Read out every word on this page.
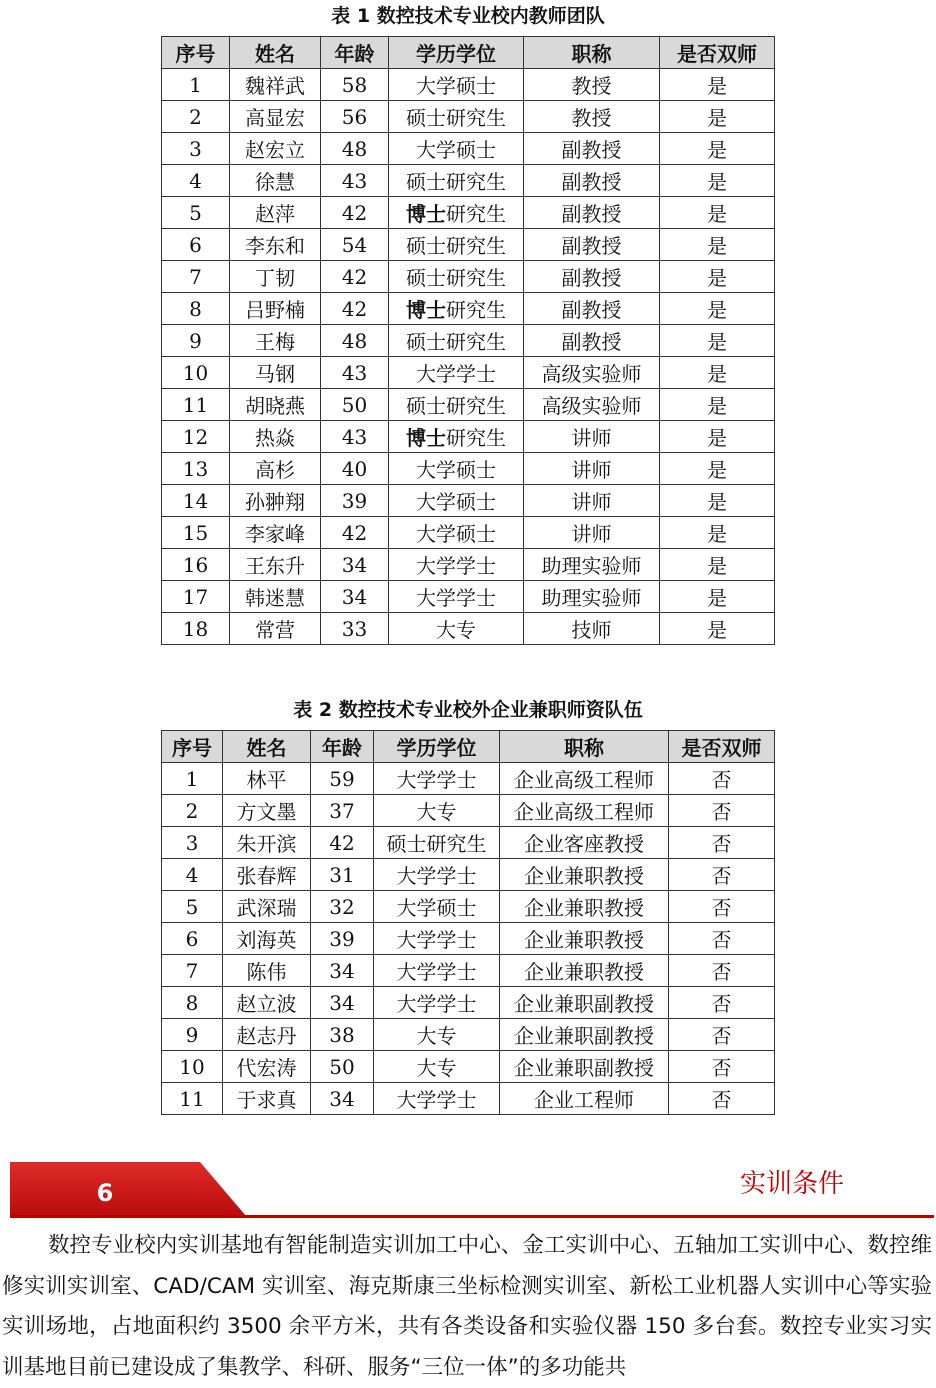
表 1 数控技术专业校内教师团队
序号	姓名	年龄	学历学位	职称	是否双师
1	魏祥武	58	大学硕士	教授	是
2	高显宏	56	硕士研究生	教授	是
3	赵宏立	48	大学硕士	副教授	是
4	徐慧	43	硕士研究生	副教授	是
5	赵萍	42	博士研究生	副教授	是
6	李东和	54	硕士研究生	副教授	是
7	丁韧	42	硕士研究生	副教授	是
8	吕野楠	42	博士研究生	副教授	是
9	王梅	48	硕士研究生	副教授	是
10	马钢	43	大学学士	高级实验师	是
11	胡晓燕	50	硕士研究生	高级实验师	是
12	热焱	43	博士研究生	讲师	是
13	高杉	40	大学硕士	讲师	是
14	孙翀翔	39	大学硕士	讲师	是
15	李家峰	42	大学硕士	讲师	是
16	王东升	34	大学学士	助理实验师	是
17	韩迷慧	34	大学学士	助理实验师	是
18	常营	33	大专	技师	是
表 2 数控技术专业校外企业兼职师资队伍
序号	姓名	年龄	学历学位	职称	是否双师
1	林平	59	大学学士	企业高级工程师	否
2	方文墨	37	大专	企业高级工程师	否
3	朱开滨	42	硕士研究生	企业客座教授	否
4	张春辉	31	大学学士	企业兼职教授	否
5	武深瑞	32	大学硕士	企业兼职教授	否
6	刘海英	39	大学学士	企业兼职教授	否
7	陈伟	34	大学学士	企业兼职教授	否
8	赵立波	34	大学学士	企业兼职副教授	否
9	赵志丹	38	大专	企业兼职副教授	否
10	代宏涛	50	大专	企业兼职副教授	否
11	于求真	34	大学学士	企业工程师	否
6	实训条件

数控专业校内实训基地有智能制造实训加工中心、金工实训中心、五轴加工实训中心、数控维修实训实训室、CAD/CAM 实训室、海克斯康三坐标检测实训室、新松工业机器人实训中心等实验实训场地，占地面积约 3500 余平方米，共有各类设备和实验仪器 150 多台套。数控专业实习实训基地目前已建设成了集教学、科研、服务“三位一体”的多功能共
